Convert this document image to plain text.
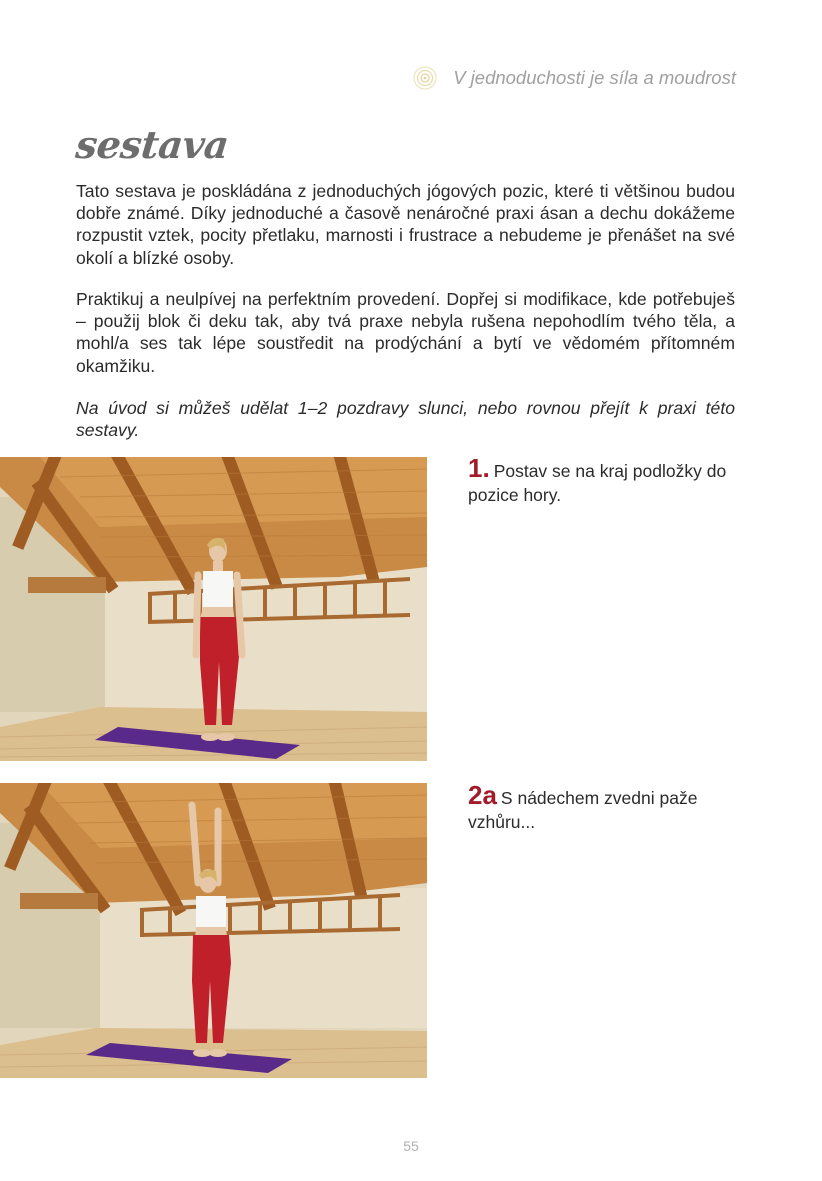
V jednoduchosti je síla a moudrost
sestava

Tato sestava je poskládána z jednoduchých jógových pozic, které ti většinou budou dobře známé. Díky jednoduché a časově nenáročné praxi ásan a dechu dokážeme rozpustit vztek, pocity přetlaku, marnosti i frustrace a nebudeme je přenášet na své okolí a blízké osoby.

Praktikuj a neulpívej na perfektním provedení. Dopřej si modifikace, kde potřebuješ – použij blok či deku tak, aby tvá praxe nebyla rušena nepohodlím tvého těla, a mohl/a ses tak lépe soustředit na prodýchání a bytí ve vědomém přítomném okamžiku.

Na úvod si můžeš udělat 1–2 pozdravy slunci, nebo rovnou přejít k praxi této sestavy.

1. Postav se na kraj podložky do pozice hory.
2a S nádechem zvedni paže vzhůru...
55
